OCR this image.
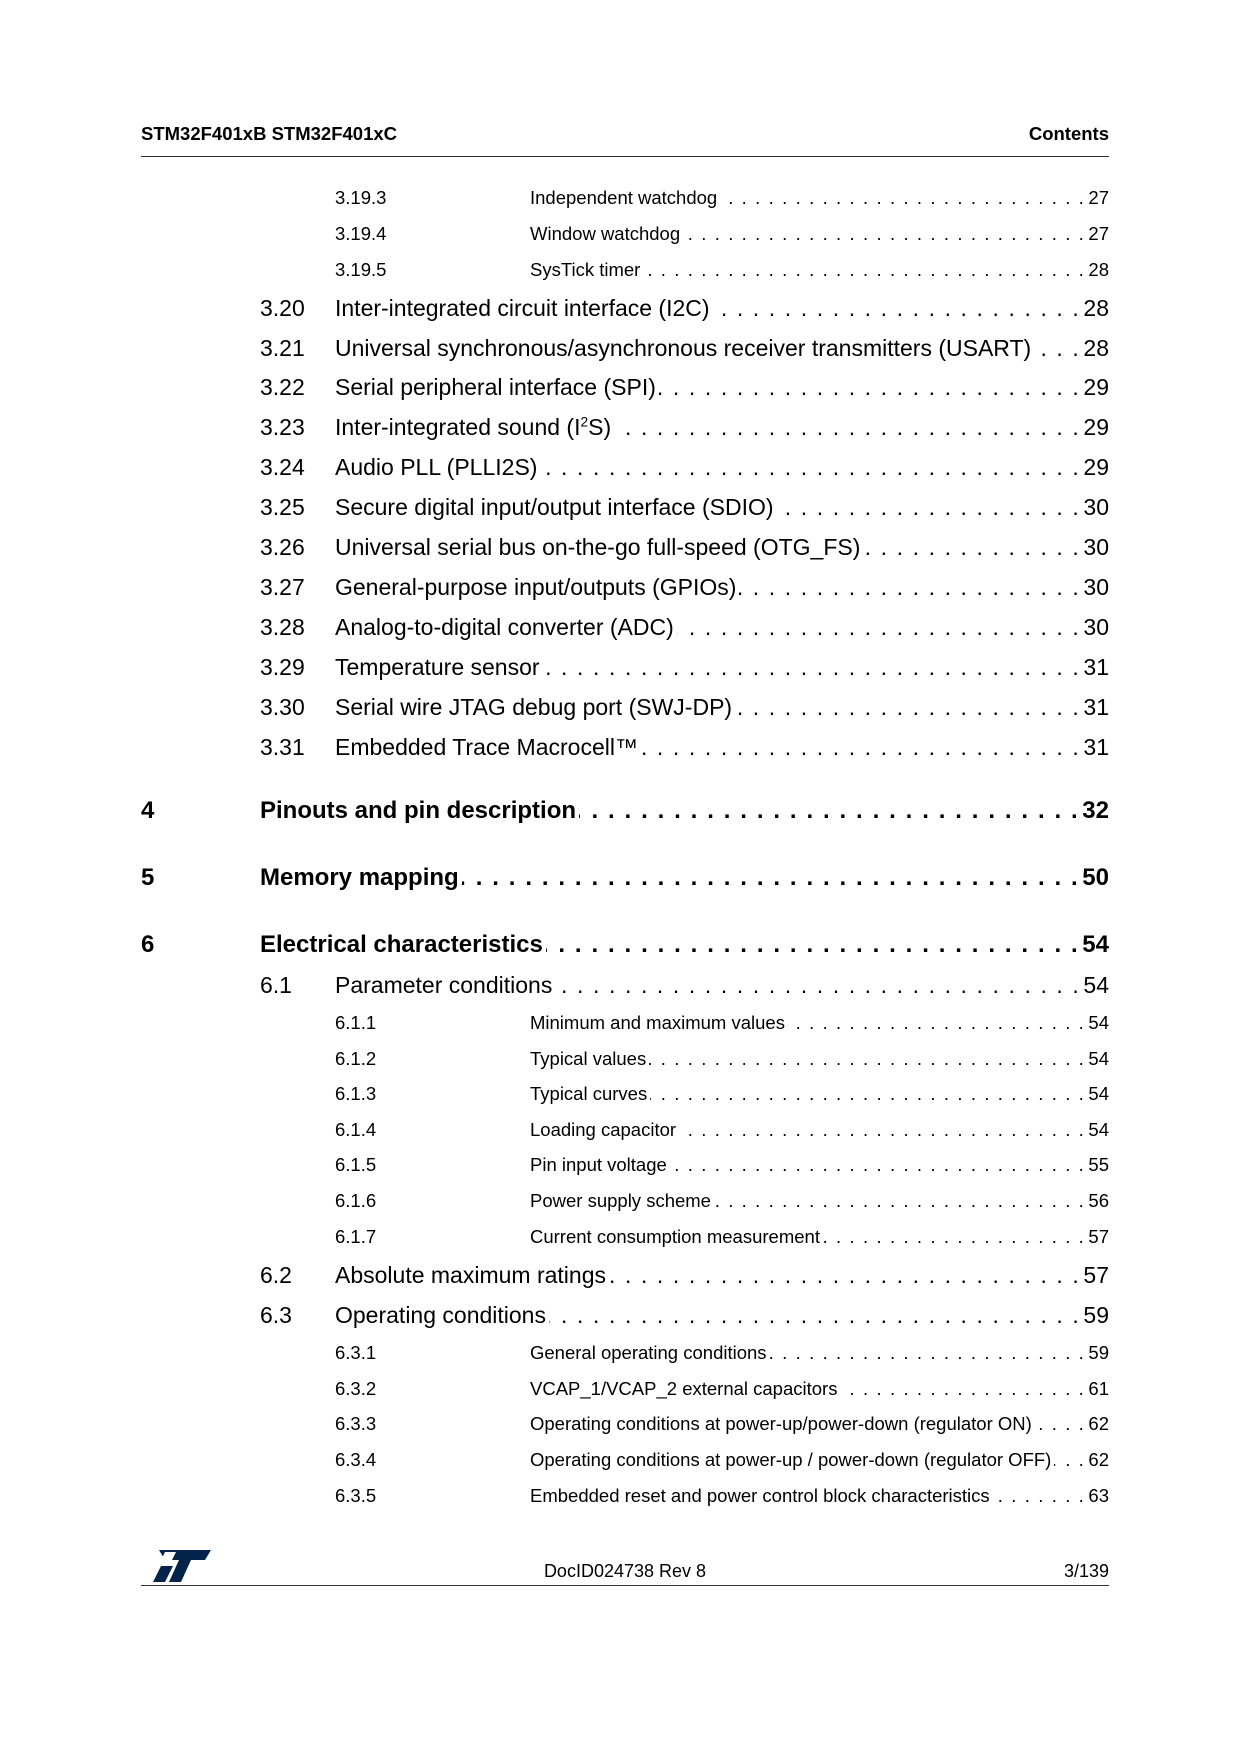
STM32F401xB STM32F401xC	Contents
3.19.3	Independent watchdog . . .	27
3.19.4	Window watchdog . . .	27
3.19.5	SysTick timer . . .	28
3.20	Inter-integrated circuit interface (I2C) . . .	28
3.21	Universal synchronous/asynchronous receiver transmitters (USART) . . . 28
3.22	Serial peripheral interface (SPI) . . .	29
3.23	Inter-integrated sound $(I^2S)$ . . .	29
3.24	Audio PLL (PLLI2S) . . .	29
3.25	Secure digital input/output interface (SDIO) . . .	30
3.26	Universal serial bus on-the-go full-speed (OTG_FS) . . .	30
3.27	General-purpose input/outputs (GPIOs) . . .	30
3.28	Analog-to-digital converter (ADC) . . .	30
3.29	Temperature sensor . . .	31
3.30	Serial wire JTAG debug port (SWJ-DP) . . .	31
3.31	Embedded Trace Macrocell™ . . .	31
4	Pinouts and pin description . . .	32
5	Memory mapping . . .	50
6	Electrical characteristics . . .	54
6.1	Parameter conditions . . .	54
6.1.1	Minimum and maximum values . . .	54
6.1.2	Typical values . . .	54
6.1.3	Typical curves . . .	54
6.1.4	Loading capacitor . . .	54
6.1.5	Pin input voltage . . .	55
6.1.6	Power supply scheme . . .	56
6.1.7	Current consumption measurement . . .	57
6.2	Absolute maximum ratings . . .	57
6.3	Operating conditions . . .	59
6.3.1	General operating conditions . . .	59
6.3.2	VCAP_1/VCAP_2 external capacitors . . .	61
6.3.3	Operating conditions at power-up/power-down (regulator ON) . . .	62
6.3.4	Operating conditions at power-up / power-down (regulator OFF) . . . 62
6.3.5	Embedded reset and power control block characteristics . . .	63
DocID024738 Rev 8	3/139
